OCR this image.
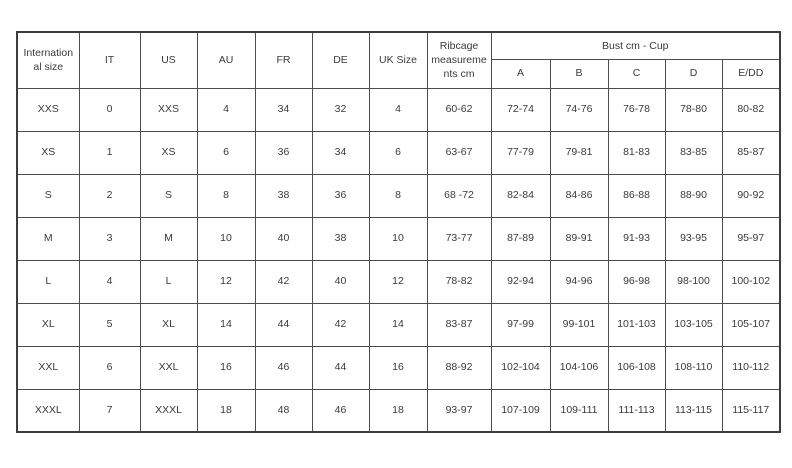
International size	IT	US	AU	FR	DE	UK Size	Ribcage measurements cm	Bust cm - Cup				
								A	B	C	D	E/DD
XXS	0	XXS	4	34	32	4	60-62	72-74	74-76	76-78	78-80	80-82
XS	1	XS	6	36	34	6	63-67	77-79	79-81	81-83	83-85	85-87
S	2	S	8	38	36	8	68 -72	82-84	84-86	86-88	88-90	90-92
M	3	M	10	40	38	10	73-77	87-89	89-91	91-93	93-95	95-97
L	4	L	12	42	40	12	78-82	92-94	94-96	96-98	98-100	100-102
XL	5	XL	14	44	42	14	83-87	97-99	99-101	101-103	103-105	105-107
XXL	6	XXL	16	46	44	16	88-92	102-104	104-106	106-108	108-110	110-112
XXXL	7	XXXL	18	48	46	18	93-97	107-109	109-111	111-113	113-115	115-117
